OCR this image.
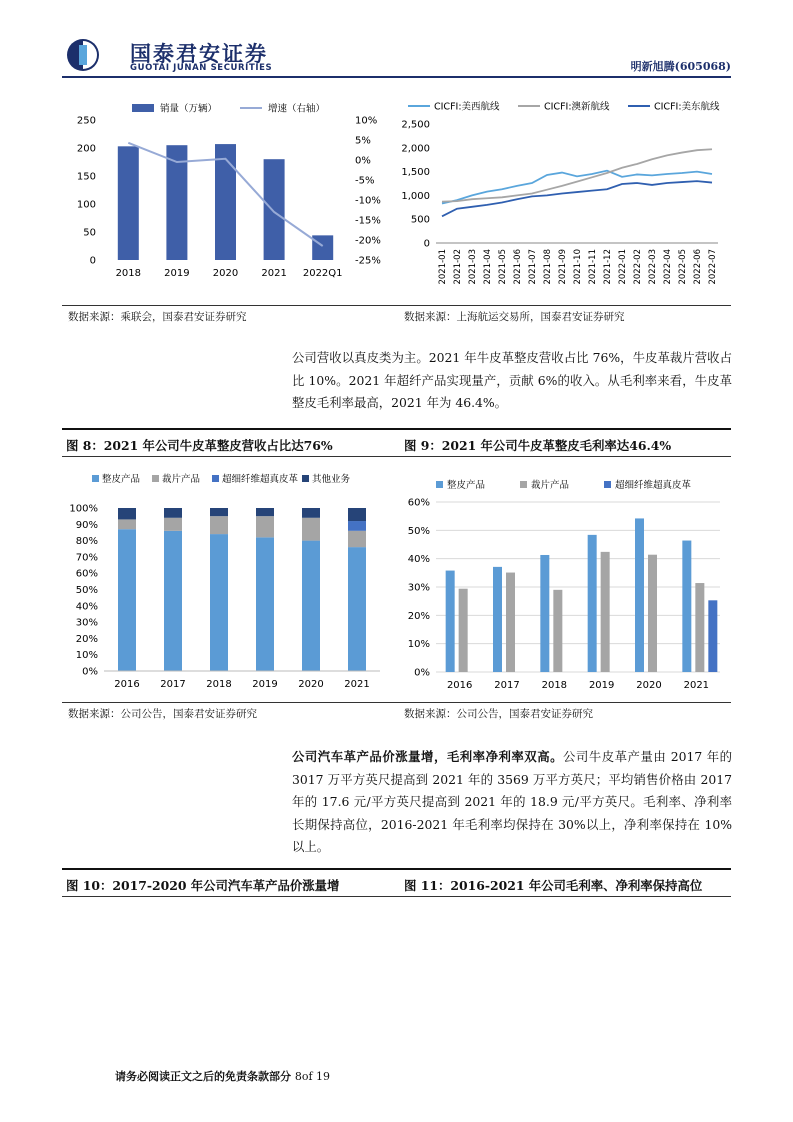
国泰君安证券
GUOTAI JUNAN SECURITIES	明新旭腾(605068)
250
200
150
100
50
0
10%
5%
0%
-5%
-10%
-15%
-20%
-25%
2018 2019 2020 2021 2022Q1
销量（万辆）	增速（右轴）
2,500
2,000
1,500
1,000
500
0
2021-01 2021-02 2021-03 2021-04 2021-05 2021-06 2021-07 2021-08 2021-09 2021-10 2021-11 2021-12 2022-01 2022-02 2022-03 2022-04 2022-05 2022-06 2022-07
CICFI:美西航线	CICFI:澳新航线	CICFI:美东航线
数据来源：乘联会，国泰君安证券研究	数据来源：上海航运交易所，国泰君安证券研究
公司营收以真皮类为主。2021 年牛皮革整皮营收占比 76%，牛皮革裁片营收占比 10%。2021 年超纤产品实现量产，贡献 6%的收入。从毛利率来看，牛皮革整皮毛利率最高，2021 年为 46.4%。
图 8：2021 年公司牛皮革整皮营收占比达76%	图 9：2021 年公司牛皮革整皮毛利率达46.4%
100%
90%
80%
70%
60%
50%
40%
30%
20%
10%
0%
2016 2017 2018 2019 2020 2021
整皮产品 裁片产品 超细纤维超真皮革 其他业务
60%
50%
40%
30%
20%
10%
0%
2016 2017 2018 2019 2020 2021
整皮产品	裁片产品	超细纤维超真皮革
数据来源：公司公告，国泰君安证券研究	数据来源：公司公告，国泰君安证券研究
公司汽车革产品价涨量增，毛利率净利率双高。公司牛皮革产量由 2017 年的 3017 万平方英尺提高到 2021 年的 3569 万平方英尺；平均销售价格由 2017 年的 17.6 元/平方英尺提高到 2021 年的 18.9 元/平方英尺。毛利率、净利率长期保持高位，2016-2021 年毛利率均保持在 30%以上，净利率保持在 10%以上。
图 10：2017-2020 年公司汽车革产品价涨量增	图 11：2016-2021 年公司毛利率、净利率保持高位
请务必阅读正文之后的免责条款部分 8of 19
